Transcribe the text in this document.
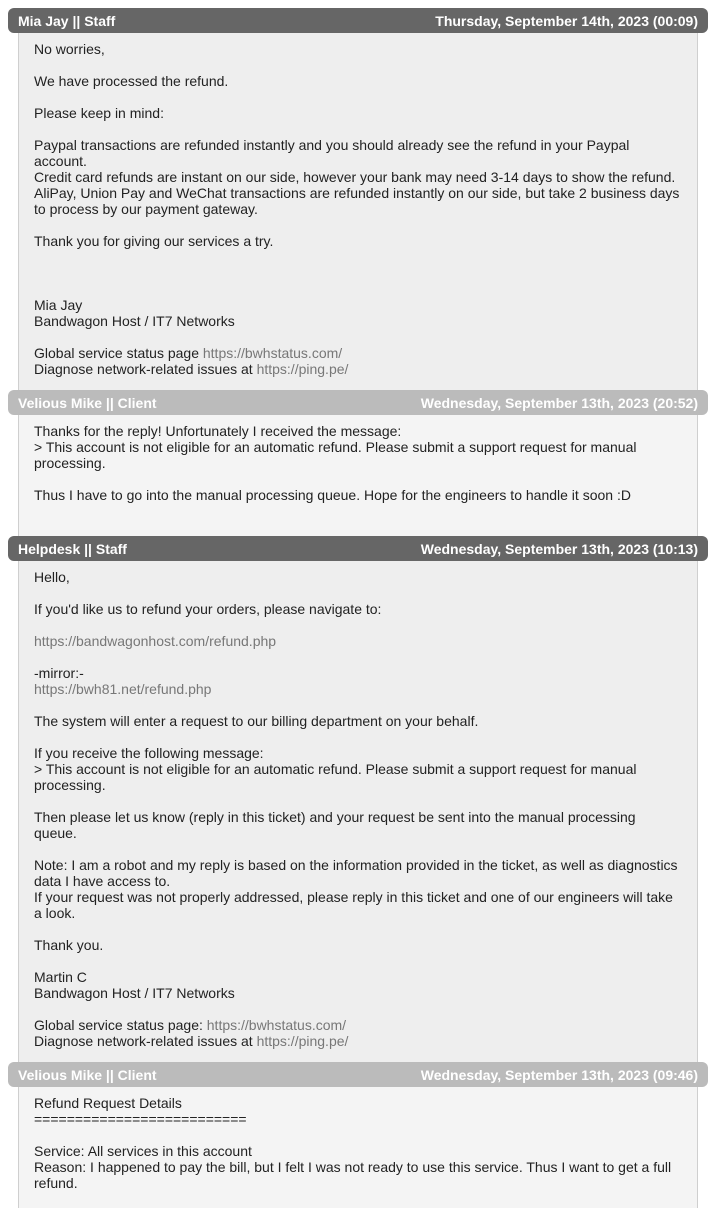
Mia Jay || Staff	Thursday, September 14th, 2023 (00:09)
No worries,
We have processed the refund.
Please keep in mind:
Paypal transactions are refunded instantly and you should already see the refund in your Paypal
account.
Credit card refunds are instant on our side, however your bank may need 3-14 days to show the refund.
AliPay, Union Pay and WeChat transactions are refunded instantly on our side, but take 2 business days
to process by our payment gateway.
Thank you for giving our services a try.
Mia Jay
Bandwagon Host / IT7 Networks
Global service status page https://bwhstatus.com/
Diagnose network-related issues at https://ping.pe/
Velious Mike || Client	Wednesday, September 13th, 2023 (20:52)
Thanks for the reply! Unfortunately I received the message:
> This account is not eligible for an automatic refund. Please submit a support request for manual
processing.
Thus I have to go into the manual processing queue. Hope for the engineers to handle it soon :D
Helpdesk || Staff	Wednesday, September 13th, 2023 (10:13)
Hello,
If you'd like us to refund your orders, please navigate to:
https://bandwagonhost.com/refund.php
-mirror:-
https://bwh81.net/refund.php
The system will enter a request to our billing department on your behalf.
If you receive the following message:
> This account is not eligible for an automatic refund. Please submit a support request for manual
processing.
Then please let us know (reply in this ticket) and your request be sent into the manual processing
queue.
Note: I am a robot and my reply is based on the information provided in the ticket, as well as diagnostics
data I have access to.
If your request was not properly addressed, please reply in this ticket and one of our engineers will take
a look.
Thank you.
Martin C
Bandwagon Host / IT7 Networks
Global service status page: https://bwhstatus.com/
Diagnose network-related issues at https://ping.pe/
Velious Mike || Client	Wednesday, September 13th, 2023 (09:46)
Refund Request Details
==========================
Service: All services in this account
Reason: I happened to pay the bill, but I felt I was not ready to use this service. Thus I want to get a full
refund.
